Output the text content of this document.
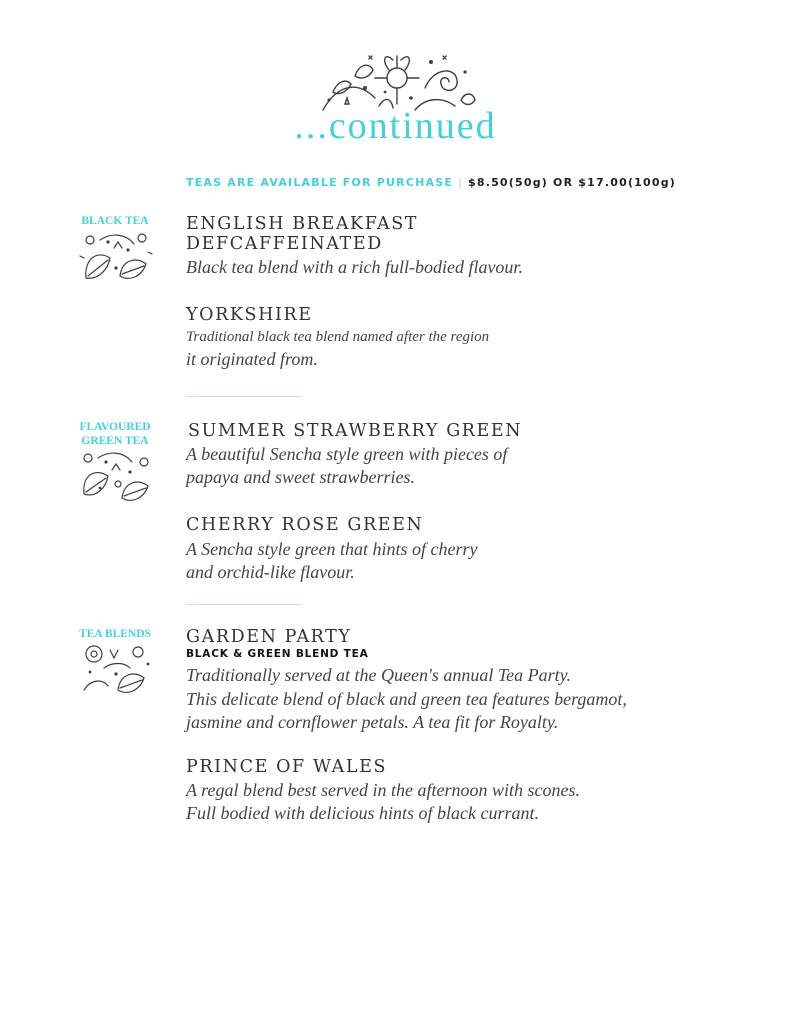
...continued
TEAS ARE AVAILABLE FOR PURCHASE | $8.50(50g) OR $17.00(100g)
BLACK TEA	ENGLISH BREAKFAST
DEFCAFFEINATED
Black tea blend with a rich full-bodied flavour.
YORKSHIRE
Traditional black tea blend named after the region
it originated from.
FLAVOURED
GREEN TEA	SUMMER STRAWBERRY GREEN
A beautiful Sencha style green with pieces of
papaya and sweet strawberries.
CHERRY ROSE GREEN
A Sencha style green that hints of cherry
and orchid-like flavour.
TEA BLENDS GARDEN PARTY
BLACK & GREEN BLEND TEA
Traditionally served at the Queen's annual Tea Party.
This delicate blend of black and green tea features bergamot,
jasmine and cornflower petals. A tea fit for Royalty.
PRINCE OF WALES
A regal blend best served in the afternoon with scones.
Full bodied with delicious hints of black currant.
